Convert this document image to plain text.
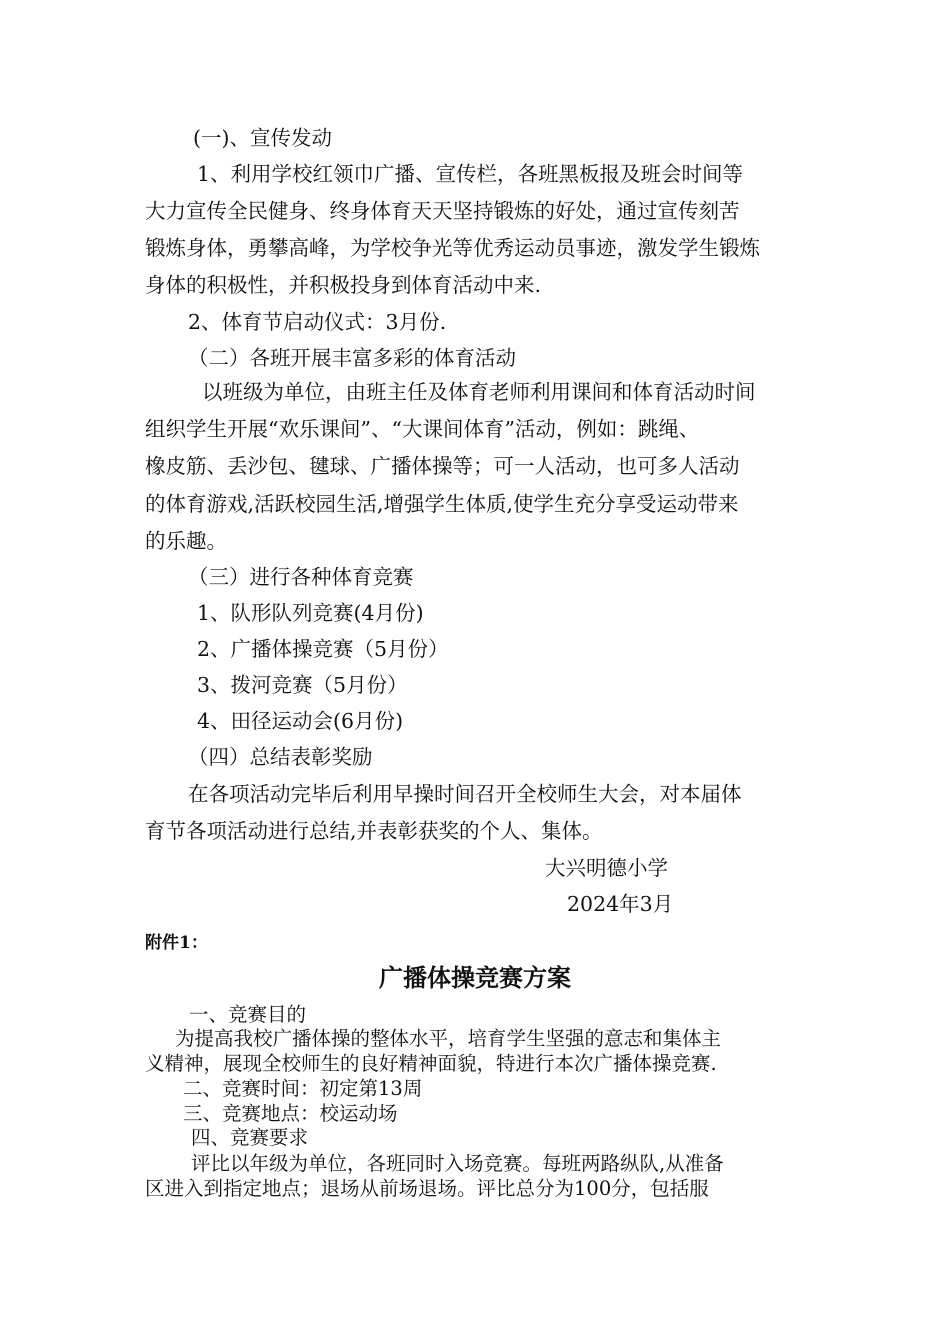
(一)、宣传发动
1、利用学校红领巾广播、宣传栏，各班黑板报及班会时间等
大力宣传全民健身、终身体育天天坚持锻炼的好处，通过宣传刻苦
锻炼身体，勇攀高峰，为学校争光等优秀运动员事迹，激发学生锻炼
身体的积极性，并积极投身到体育活动中来.
2、体育节启动仪式：3月份.
（二）各班开展丰富多彩的体育活动
以班级为单位，由班主任及体育老师利用课间和体育活动时间
组织学生开展“欢乐课间”、“大课间体育”活动，例如：跳绳、
橡皮筋、丢沙包、毽球、广播体操等；可一人活动，也可多人活动
的体育游戏,活跃校园生活,增强学生体质,使学生充分享受运动带来
的乐趣。
（三）进行各种体育竞赛
1、队形队列竞赛(4月份)
2、广播体操竞赛（5月份）
3、拨河竞赛（5月份）
4、田径运动会(6月份)
（四）总结表彰奖励
在各项活动完毕后利用早操时间召开全校师生大会，对本届体
育节各项活动进行总结,并表彰获奖的个人、集体。
大兴明德小学
2024年3月
附件1：
广播体操竞赛方案
一、竞赛目的
为提高我校广播体操的整体水平，培育学生坚强的意志和集体主
义精神，展现全校师生的良好精神面貌，特进行本次广播体操竞赛.
二、竞赛时间：初定第13周
三、竞赛地点：校运动场
四、竞赛要求
评比以年级为单位，各班同时入场竞赛。每班两路纵队,从准备
区进入到指定地点；退场从前场退场。评比总分为100分，包括服
